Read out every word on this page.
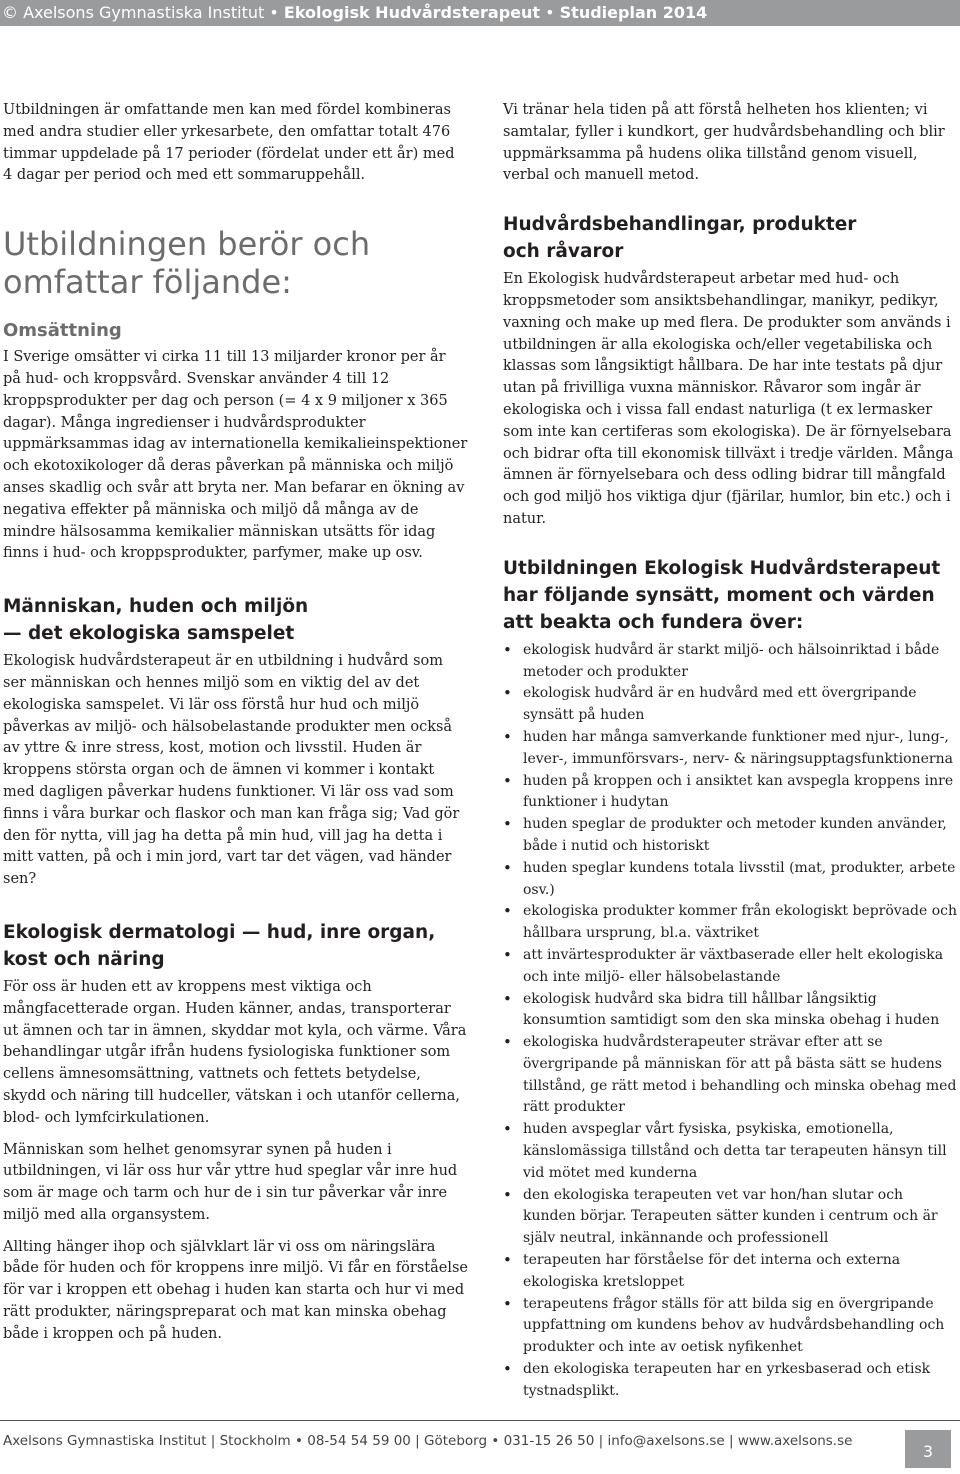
© Axelsons Gymnastiska Institut • Ekologisk Hudvårdsterapeut • Studieplan 2014

Utbildningen är omfattande men kan med fördel kombineras med andra studier eller yrkesarbete, den omfattar totalt 476 timmar uppdelade på 17 perioder (fördelat under ett år) med 4 dagar per period och med ett sommaruppehåll.

Utbildningen berör och omfattar följande:
Omsättning

I Sverige omsätter vi cirka 11 till 13 miljarder kronor per år på hud- och kroppsvård. Svenskar använder 4 till 12 kroppsprodukter per dag och person (= 4 x 9 miljoner x 365 dagar). Många ingredienser i hudvårdsprodukter uppmärksammas idag av internationella kemikalieinspektioner och ekotoxikologer då deras påverkan på människa och miljö anses skadlig och svår att bryta ner. Man befarar en ökning av negativa effekter på människa och miljö då många av de mindre hälsosamma kemikalier människan utsätts för idag finns i hud- och kroppsprodukter, parfymer, make up osv.

Människan, huden och miljön
— det ekologiska samspelet

Ekologisk hudvårdsterapeut är en utbildning i hudvård som ser människan och hennes miljö som en viktig del av det ekologiska samspelet. Vi lär oss förstå hur hud och miljö påverkas av miljö- och hälsobelastande produkter men också av yttre & inre stress, kost, motion och livsstil. Huden är kroppens största organ och de ämnen vi kommer i kontakt med dagligen påverkar hudens funktioner. Vi lär oss vad som finns i våra burkar och flaskor och man kan fråga sig; Vad gör den för nytta, vill jag ha detta på min hud, vill jag ha detta i mitt vatten, på och i min jord, vart tar det vägen, vad händer sen?

Ekologisk dermatologi — hud, inre organ, kost och näring

För oss är huden ett av kroppens mest viktiga och mångfacetterade organ. Huden känner, andas, transporterar ut ämnen och tar in ämnen, skyddar mot kyla, och värme. Våra behandlingar utgår ifrån hudens fysiologiska funktioner som cellens ämnesomsättning, vattnets och fettets betydelse, skydd och näring till hudceller, vätskan i och utanför cellerna, blod- och lymfcirkulationen.

Människan som helhet genomsyrar synen på huden i utbildningen, vi lär oss hur vår yttre hud speglar vår inre hud som är mage och tarm och hur de i sin tur påverkar vår inre miljö med alla organsystem.

Allting hänger ihop och självklart lär vi oss om näringslära både för huden och för kroppens inre miljö. Vi får en förståelse för var i kroppen ett obehag i huden kan starta och hur vi med rätt produkter, näringspreparat och mat kan minska obehag både i kroppen och på huden.

Vi tränar hela tiden på att förstå helheten hos klienten; vi samtalar, fyller i kundkort, ger hudvårdsbehandling och blir uppmärksamma på hudens olika tillstånd genom visuell, verbal och manuell metod.

Hudvårdsbehandlingar, produkter
och råvaror

En Ekologisk hudvårdsterapeut arbetar med hud- och kroppsmetoder som ansiktsbehandlingar, manikyr, pedikyr, vaxning och make up med flera. De produkter som används i utbildningen är alla ekologiska och/eller vegetabiliska och klassas som långsiktigt hållbara. De har inte testats på djur utan på frivilliga vuxna människor. Råvaror som ingår är ekologiska och i vissa fall endast naturliga (t ex lermasker som inte kan certiferas som ekologiska). De är förnyelsebara och bidrar ofta till ekonomisk tillväxt i tredje världen. Många ämnen är förnyelsebara och dess odling bidrar till mångfald och god miljö hos viktiga djur (fjärilar, humlor, bin etc.) och i natur.

Utbildningen Ekologisk Hudvårdsterapeut har följande synsätt, moment och värden att beakta och fundera över:
• ekologisk hudvård är starkt miljö- och hälsoinriktad i både metoder och produkter
• ekologisk hudvård är en hudvård med ett övergripande synsätt på huden
• huden har många samverkande funktioner med njur-, lung-, lever-, immunförsvars-, nerv- & näringsupptagsfunktionerna
• huden på kroppen och i ansiktet kan avspegla kroppens inre funktioner i hudytan
• huden speglar de produkter och metoder kunden använder, både i nutid och historiskt
• huden speglar kundens totala livsstil (mat, produkter, arbete osv.)
• ekologiska produkter kommer från ekologiskt beprövade och hållbara ursprung, bl.a. växtriket
• att invärtesprodukter är växtbaserade eller helt ekologiska och inte miljö- eller hälsobelastande
• ekologisk hudvård ska bidra till hållbar långsiktig konsumtion samtidigt som den ska minska obehag i huden
• ekologiska hudvårdsterapeuter strävar efter att se övergripande på människan för att på bästa sätt se hudens tillstånd, ge rätt metod i behandling och minska obehag med rätt produkter
• huden avspeglar vårt fysiska, psykiska, emotionella, känslomässiga tillstånd och detta tar terapeuten hänsyn till vid mötet med kunderna
• den ekologiska terapeuten vet var hon/han slutar och kunden börjar. Terapeuten sätter kunden i centrum och är själv neutral, inkännande och professionell
• terapeuten har förståelse för det interna och externa ekologiska kretsloppet
• terapeutens frågor ställs för att bilda sig en övergripande uppfattning om kundens behov av hudvårdsbehandling och produkter och inte av oetisk nyfikenhet
• den ekologiska terapeuten har en yrkesbaserad och etisk tystnadsplikt.
Axelsons Gymnastiska Institut | Stockholm • 08-54 54 59 00 | Göteborg • 031-15 26 50 | info@axelsons.se | www.axelsons.se
3
